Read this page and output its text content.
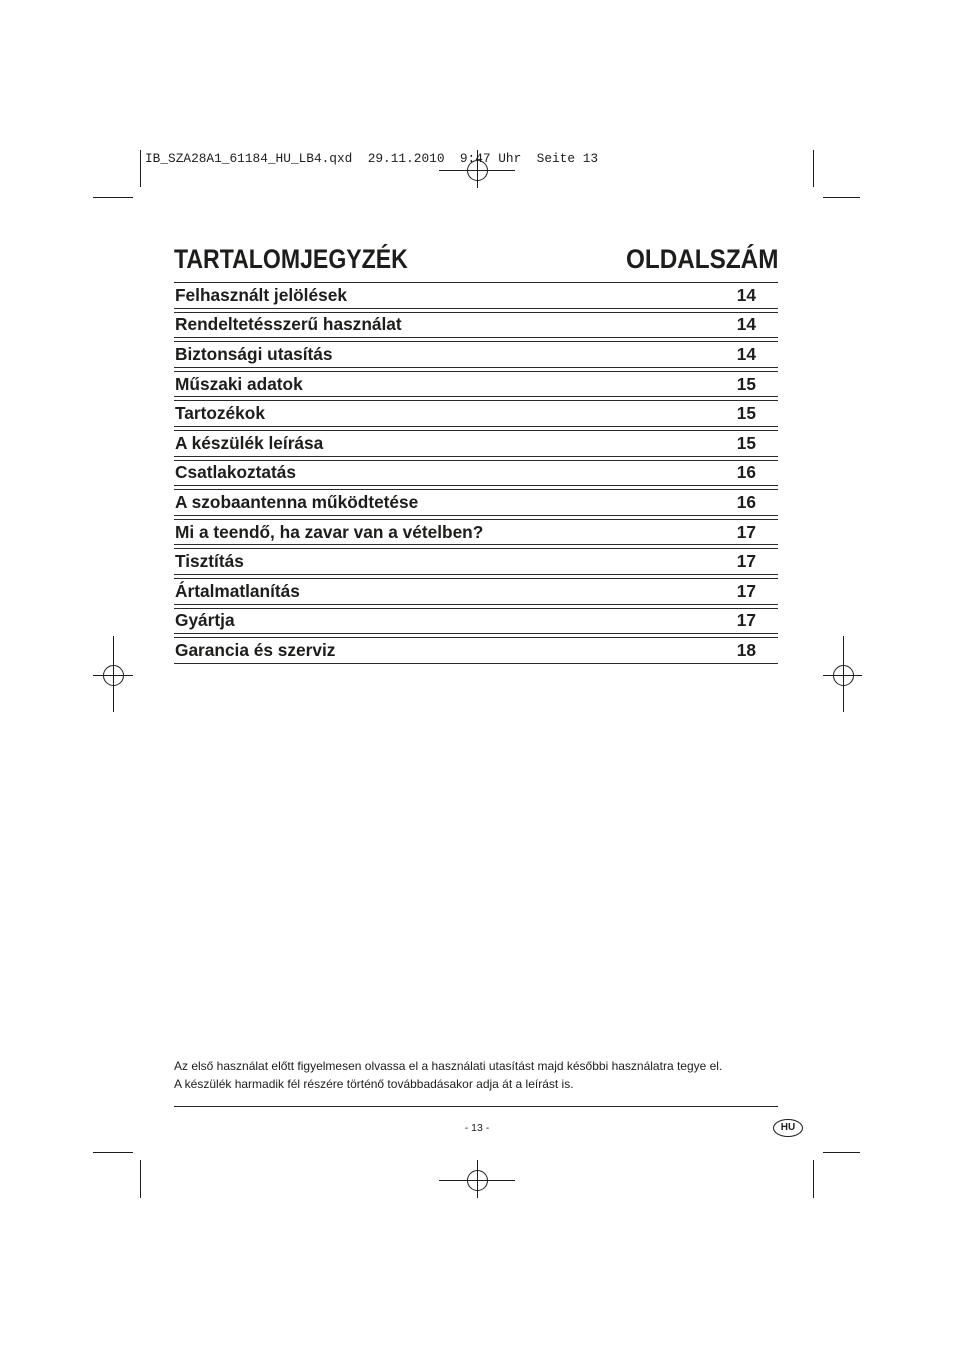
IB_SZA28A1_61184_HU_LB4.qxd  29.11.2010  9:47 Uhr  Seite 13
TARTALOMJEGYZÉK	OLDALSZÁM
Felhasznált jelölések	14
Rendeltetésszerű használat	14
Biztonsági utasítás	14
Műszaki adatok	15
Tartozékok	15
A készülék leírása	15
Csatlakoztatás	16
A szobaantenna működtetése	16
Mi a teendő, ha zavar van a vételben?	17
Tisztítás	17
Ártalmatlanítás	17
Gyártja	17
Garancia és szerviz	18
Az első használat előtt figyelmesen olvassa el a használati utasítást majd későbbi használatra tegye el.
A készülék harmadik fél részére történő továbbadásakor adja át a leírást is.
- 13 -	HU
